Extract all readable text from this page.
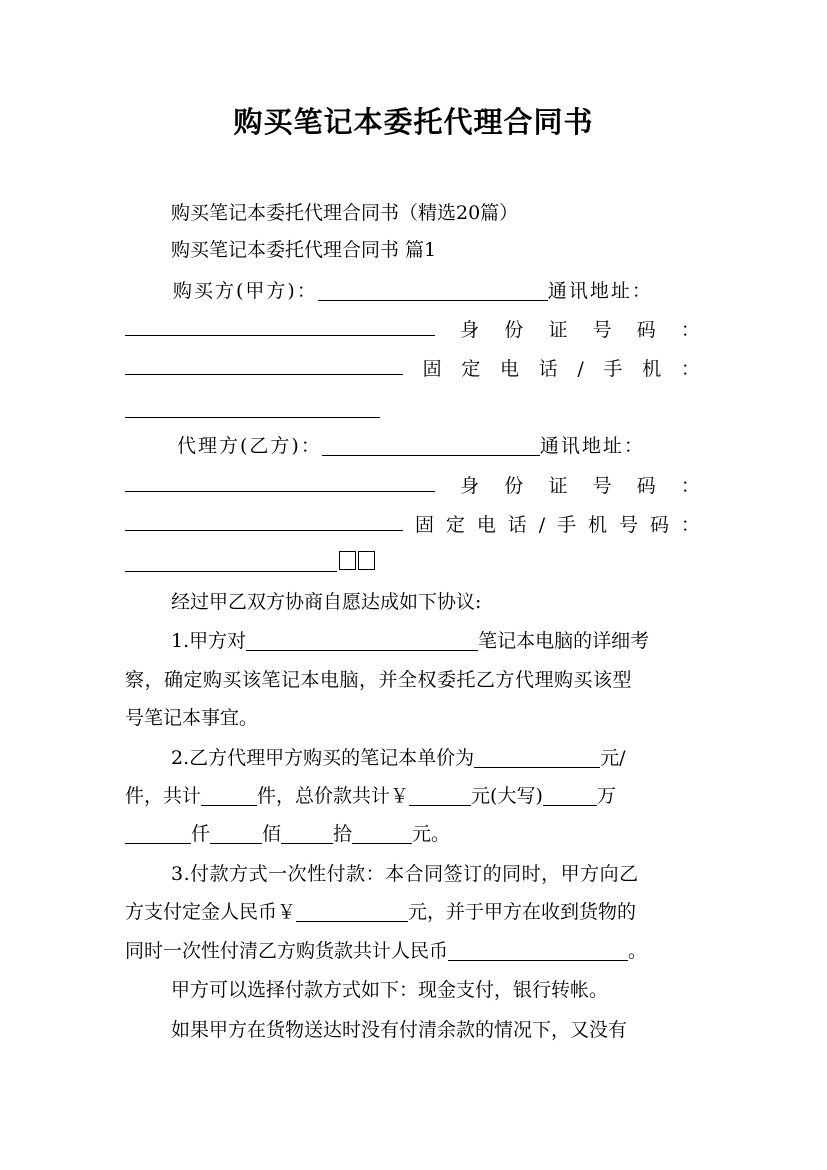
购买笔记本委托代理合同书
购买笔记本委托代理合同书（精选20篇）
购买笔记本委托代理合同书 篇1
购买方(甲方)：	通讯地址：
身 份 证 号 码 ：
固 定 电 话 / 手 机 ：
代理方(乙方)：	通讯地址：
身 份 证 号 码 ：
固 定 电 话 / 手 机 号 码 ：
经过甲乙双方协商自愿达成如下协议:
1.甲方对	笔记本电脑的详细考
察，确定购买该笔记本电脑，并全权委托乙方代理购买该型
号笔记本事宜。
2.乙方代理甲方购买的笔记本单价为	元/
件，共计	件，总价款共计￥	元(大写)	万
仟	佰	拾	元。
3.付款方式一次性付款：本合同签订的同时，甲方向乙
方支付定金人民币￥	元，并于甲方在收到货物的
同时一次性付清乙方购货款共计人民币	。
甲方可以选择付款方式如下：现金支付，银行转帐。
如果甲方在货物送达时没有付清余款的情况下，又没有
